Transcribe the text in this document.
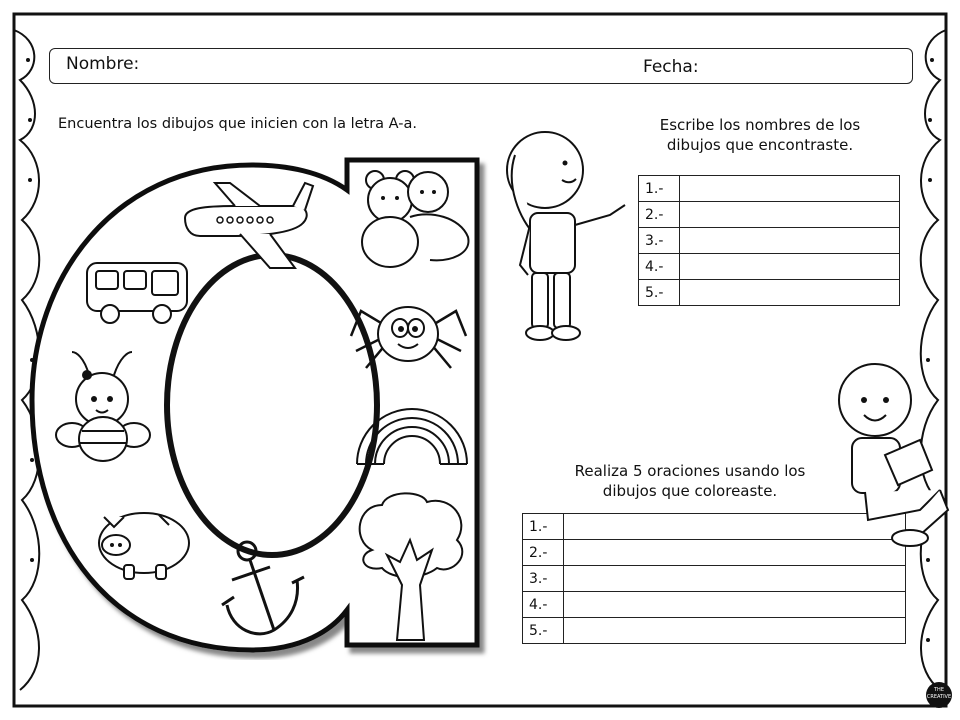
Nombre:	Fecha:
Encuentra los dibujos que inicien con la letra A-a.	Escribe los nombres de los
dibujos que encontraste.
Realiza 5 oraciones usando los
dibujos que coloreaste.
1.-	
2.-	
3.-	
4.-	
5.-	
1.-	
2.-	
3.-	
4.-	
5.-	
THE CREATIVE
